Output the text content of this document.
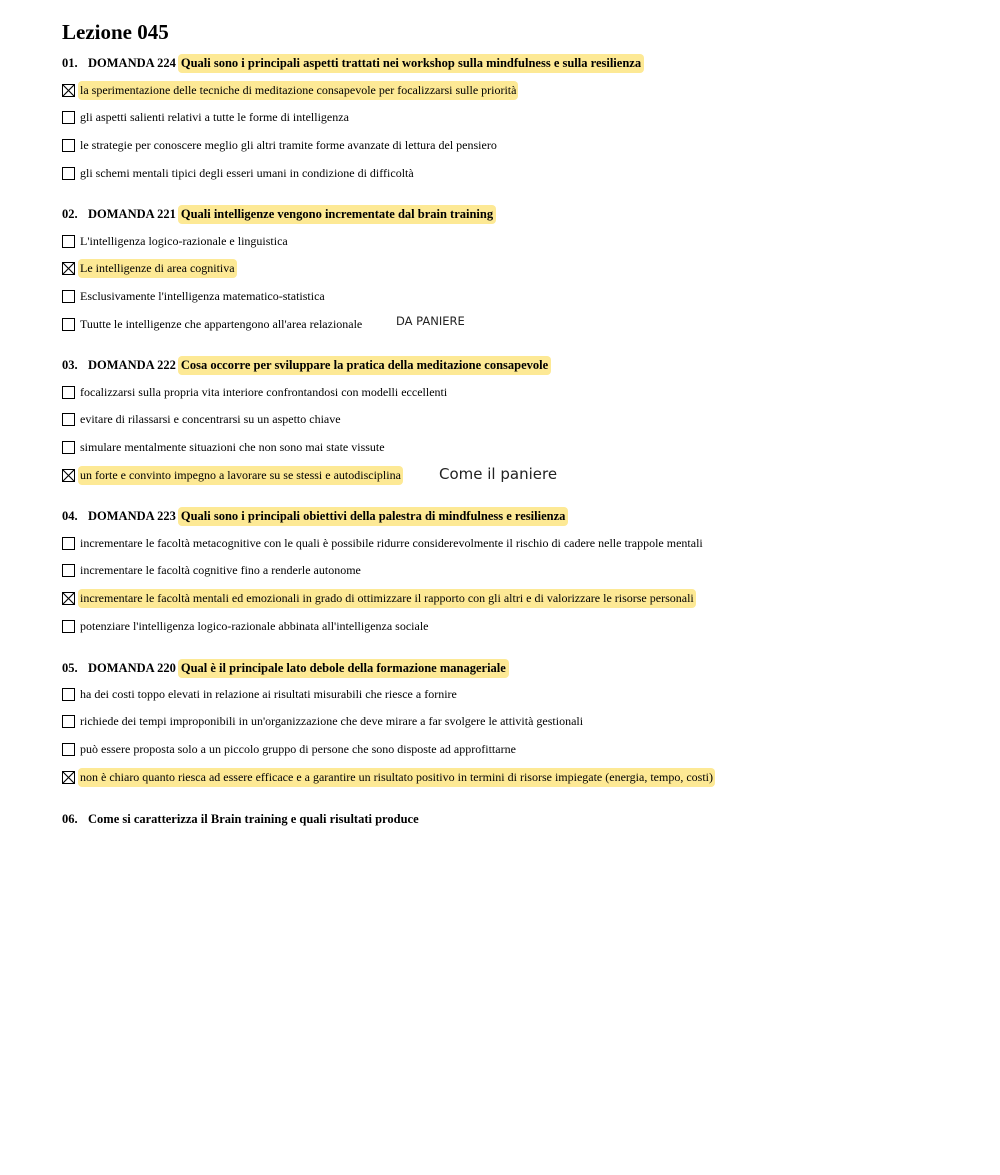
Lezione 045
01. DOMANDA 224 Quali sono i principali aspetti trattati nei workshop sulla mindfulness e sulla resilienza
la sperimentazione delle tecniche di meditazione consapevole per focalizzarsi sulle priorità
gli aspetti salienti relativi a tutte le forme di intelligenza
le strategie per conoscere meglio gli altri tramite forme avanzate di lettura del pensiero
gli schemi mentali tipici degli esseri umani in condizione di difficoltà
02. DOMANDA 221 Quali intelligenze vengono incrementate dal brain training
L'intelligenza logico-razionale e linguistica
Le intelligenze di area cognitiva
Esclusivamente l'intelligenza matematico-statistica
Tuutte le intelligenze che appartengono all'area relazionale	DA PANIERE
03. DOMANDA 222 Cosa occorre per sviluppare la pratica della meditazione consapevole
focalizzarsi sulla propria vita interiore confrontandosi con modelli eccellenti
evitare di rilassarsi e concentrarsi su un aspetto chiave
simulare mentalmente situazioni che non sono mai state vissute
un forte e convinto impegno a lavorare su se stessi e autodisciplina	Come il paniere
04. DOMANDA 223 Quali sono i principali obiettivi della palestra di mindfulness e resilienza
incrementare le facoltà metacognitive con le quali è possibile ridurre considerevolmente il rischio di cadere nelle trappole mentali
incrementare le facoltà cognitive fino a renderle autonome
incrementare le facoltà mentali ed emozionali in grado di ottimizzare il rapporto con gli altri e di valorizzare le risorse personali
potenziare l'intelligenza logico-razionale abbinata all'intelligenza sociale
05. DOMANDA 220 Qual è il principale lato debole della formazione manageriale
ha dei costi toppo elevati in relazione ai risultati misurabili che riesce a fornire
richiede dei tempi improponibili in un'organizzazione che deve mirare a far svolgere le attività gestionali
può essere proposta solo a un piccolo gruppo di persone che sono disposte ad approfittarne
non è chiaro quanto riesca ad essere efficace e a garantire un risultato positivo in termini di risorse impiegate (energia, tempo, costi)
06. Come si caratterizza il Brain training e quali risultati produce
